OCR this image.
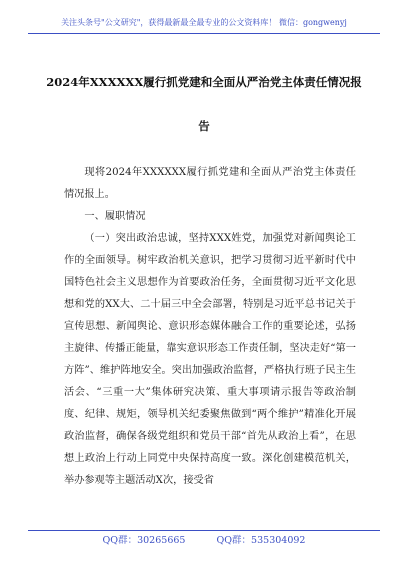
关注头条号"公文研究"，获得最新最全最专业的公文资料库！ 微信：gongwenyj
2024年XXXXXX履行抓党建和全面从严治党主体责任情况报告

现将2024年XXXXXX履行抓党建和全面从严治党主体责任情况报上。

一、履职情况

（一）突出政治忠诚，坚持XXX姓党，加强党对新闻舆论工作的全面领导。树牢政治机关意识，把学习贯彻习近平新时代中国特色社会主义思想作为首要政治任务，全面贯彻习近平文化思想和党的XX大、二十届三中全会部署，特别是习近平总书记关于宣传思想、新闻舆论、意识形态媒体融合工作的重要论述，弘扬主旋律、传播正能量，靠实意识形态工作责任制，坚决走好“第一方阵”、维护阵地安全。突出加强政治监督，严格执行班子民主生活会、“三重一大”集体研究决策、重大事项请示报告等政治制度、纪律、规矩，领导机关纪委聚焦做到“两个维护”精准化开展政治监督，确保各级党组织和党员干部“首先从政治上看”，在思想上政治上行动上同党中央保持高度一致。深化创建模范机关，举办参观等主题活动X次，接受省

QQ群：30265665	QQ群：535304092
